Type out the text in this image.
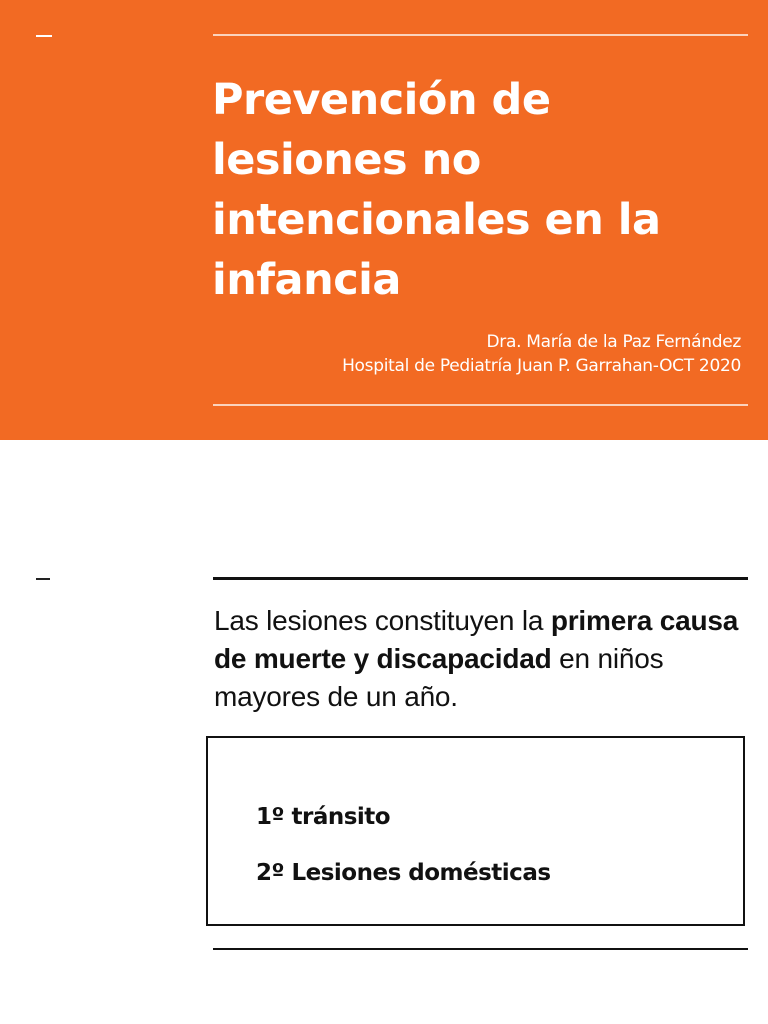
Prevención de lesiones no intencionales en la infancia
Dra. María de la Paz Fernández
Hospital de Pediatría Juan P. Garrahan-OCT 2020

Las lesiones constituyen la primera causa de muerte y discapacidad en niños mayores de un año.

1º tránsito
2º Lesiones domésticas
